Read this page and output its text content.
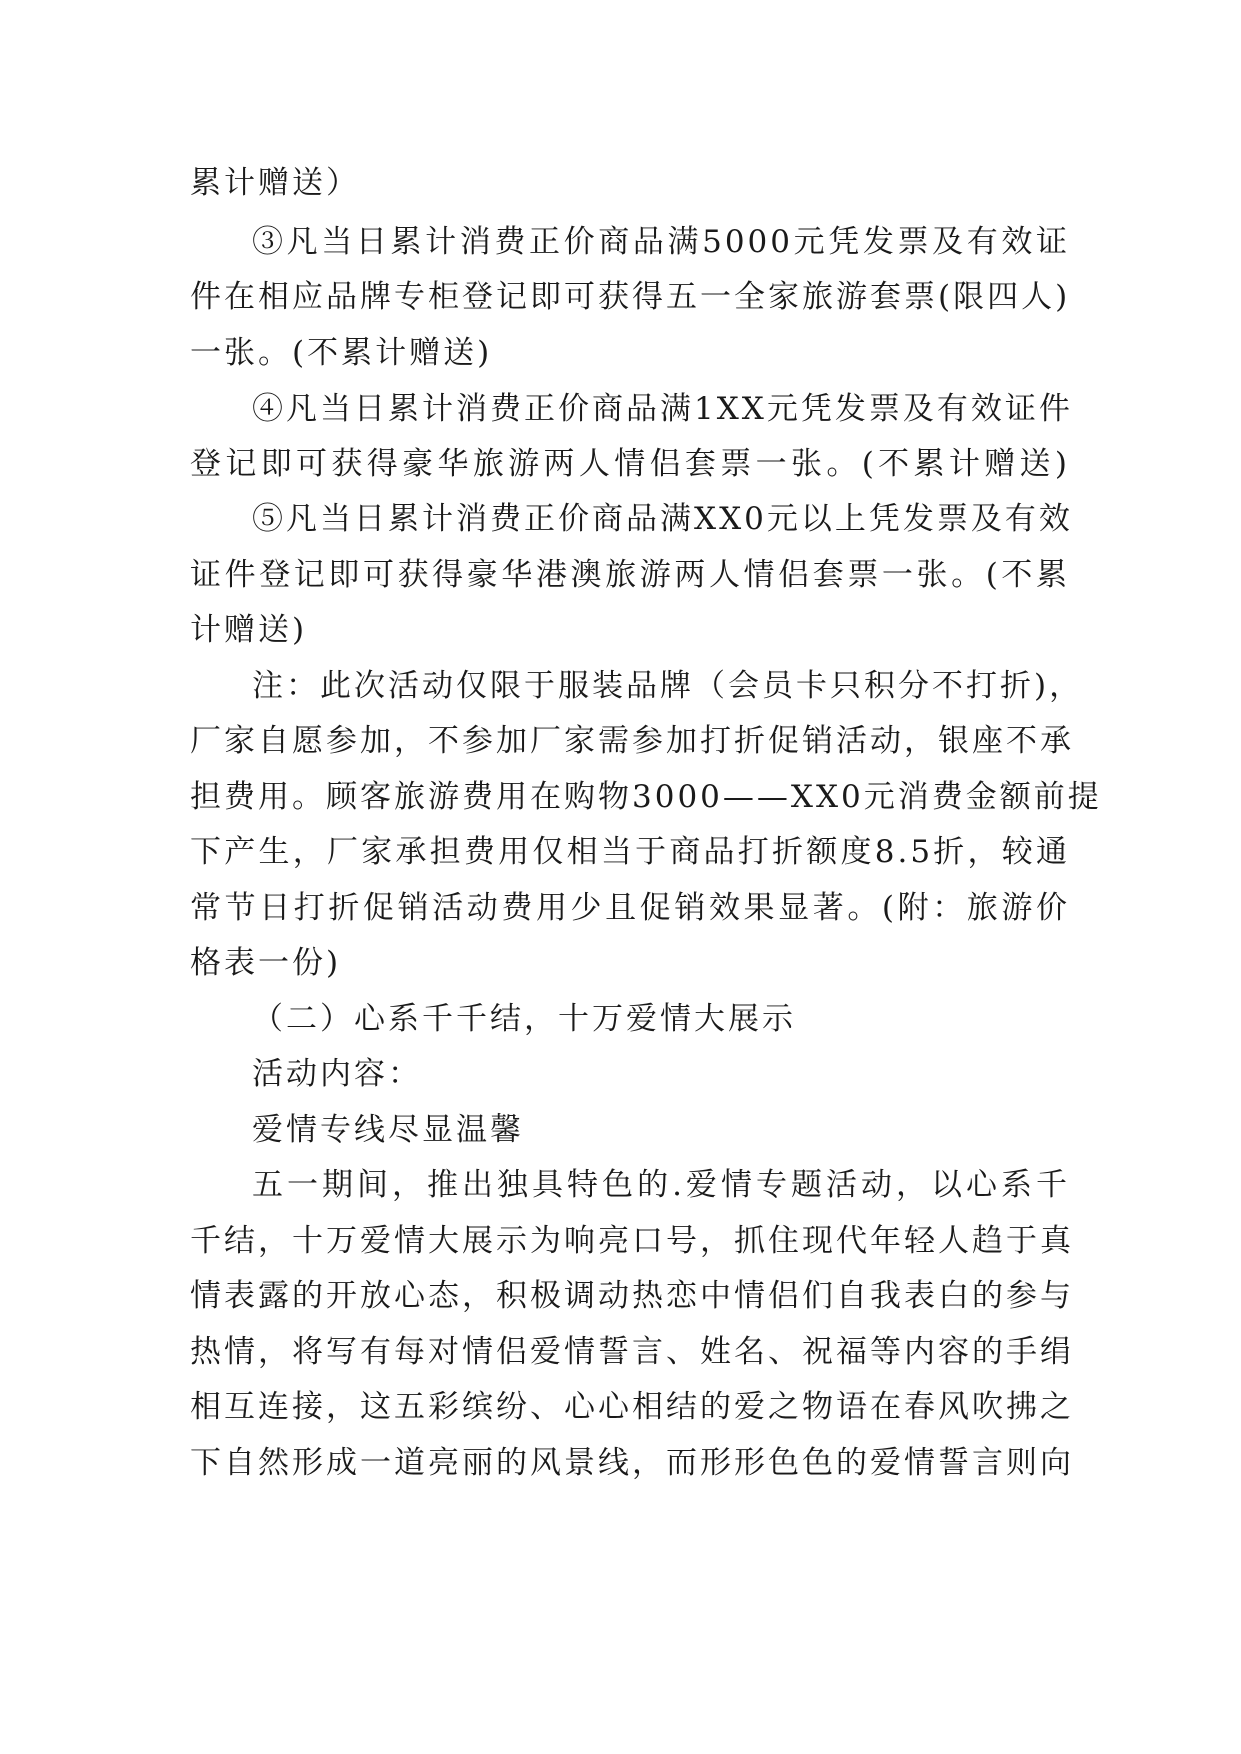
累计赠送）
③凡当日累计消费正价商品满5000元凭发票及有效证
件在相应品牌专柜登记即可获得五一全家旅游套票(限四人)
一张。(不累计赠送)
④凡当日累计消费正价商品满1XX元凭发票及有效证件
登记即可获得豪华旅游两人情侣套票一张。(不累计赠送)
⑤凡当日累计消费正价商品满XX0元以上凭发票及有效
证件登记即可获得豪华港澳旅游两人情侣套票一张。(不累
计赠送)
注：此次活动仅限于服装品牌（会员卡只积分不打折)，
厂家自愿参加，不参加厂家需参加打折促销活动，银座不承
担费用。顾客旅游费用在购物3000——XX0元消费金额前提
下产生，厂家承担费用仅相当于商品打折额度8.5折，较通
常节日打折促销活动费用少且促销效果显著。(附：旅游价
格表一份)
（二）心系千千结，十万爱情大展示
活动内容：
爱情专线尽显温馨
五一期间，推出独具特色的.爱情专题活动，以心系千
千结，十万爱情大展示为响亮口号，抓住现代年轻人趋于真
情表露的开放心态，积极调动热恋中情侣们自我表白的参与
热情，将写有每对情侣爱情誓言、姓名、祝福等内容的手绢
相互连接，这五彩缤纷、心心相结的爱之物语在春风吹拂之
下自然形成一道亮丽的风景线，而形形色色的爱情誓言则向
